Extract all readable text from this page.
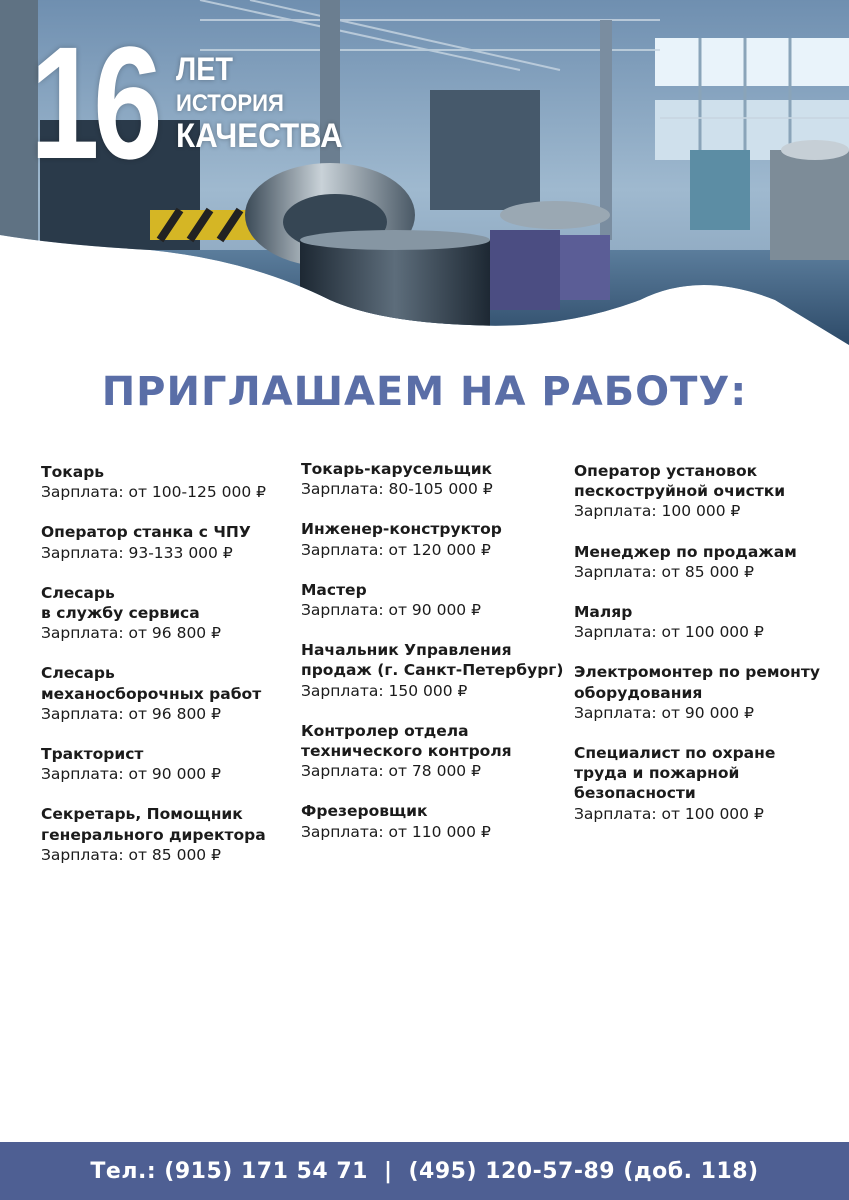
16 ЛЕТ
ИСТОРИЯ
КАЧЕСТВА
ПРИГЛАШАЕМ НА РАБОТУ:
Токарь
Зарплата: от 100-125 000 ₽
Оператор станка с ЧПУ
Зарплата: 93-133 000 ₽
Слесарь
в службу сервиса
Зарплата: от 96 800 ₽
Слесарь
механосборочных работ
Зарплата: от 96 800 ₽
Тракторист
Зарплата: от 90 000 ₽
Секретарь, Помощник
генерального директора
Зарплата: от 85 000 ₽
Токарь-карусельщик
Зарплата: 80-105 000 ₽
Инженер-конструктор
Зарплата: от 120 000 ₽
Мастер
Зарплата: от 90 000 ₽
Начальник Управления
продаж (г. Санкт-Петербург)
Зарплата: 150 000 ₽
Контролер отдела
технического контроля
Зарплата: от 78 000 ₽
Фрезеровщик
Зарплата: от 110 000 ₽
Оператор установок
пескоструйной очистки
Зарплата: 100 000 ₽
Менеджер по продажам
Зарплата: от 85 000 ₽
Маляр
Зарплата: от 100 000 ₽
Электромонтер по ремонту
оборудования
Зарплата: от 90 000 ₽
Специалист по охране
труда и пожарной
безопасности
Зарплата: от 100 000 ₽
Тел.: (915) 171 54 71 | (495) 120-57-89 (доб. 118)
